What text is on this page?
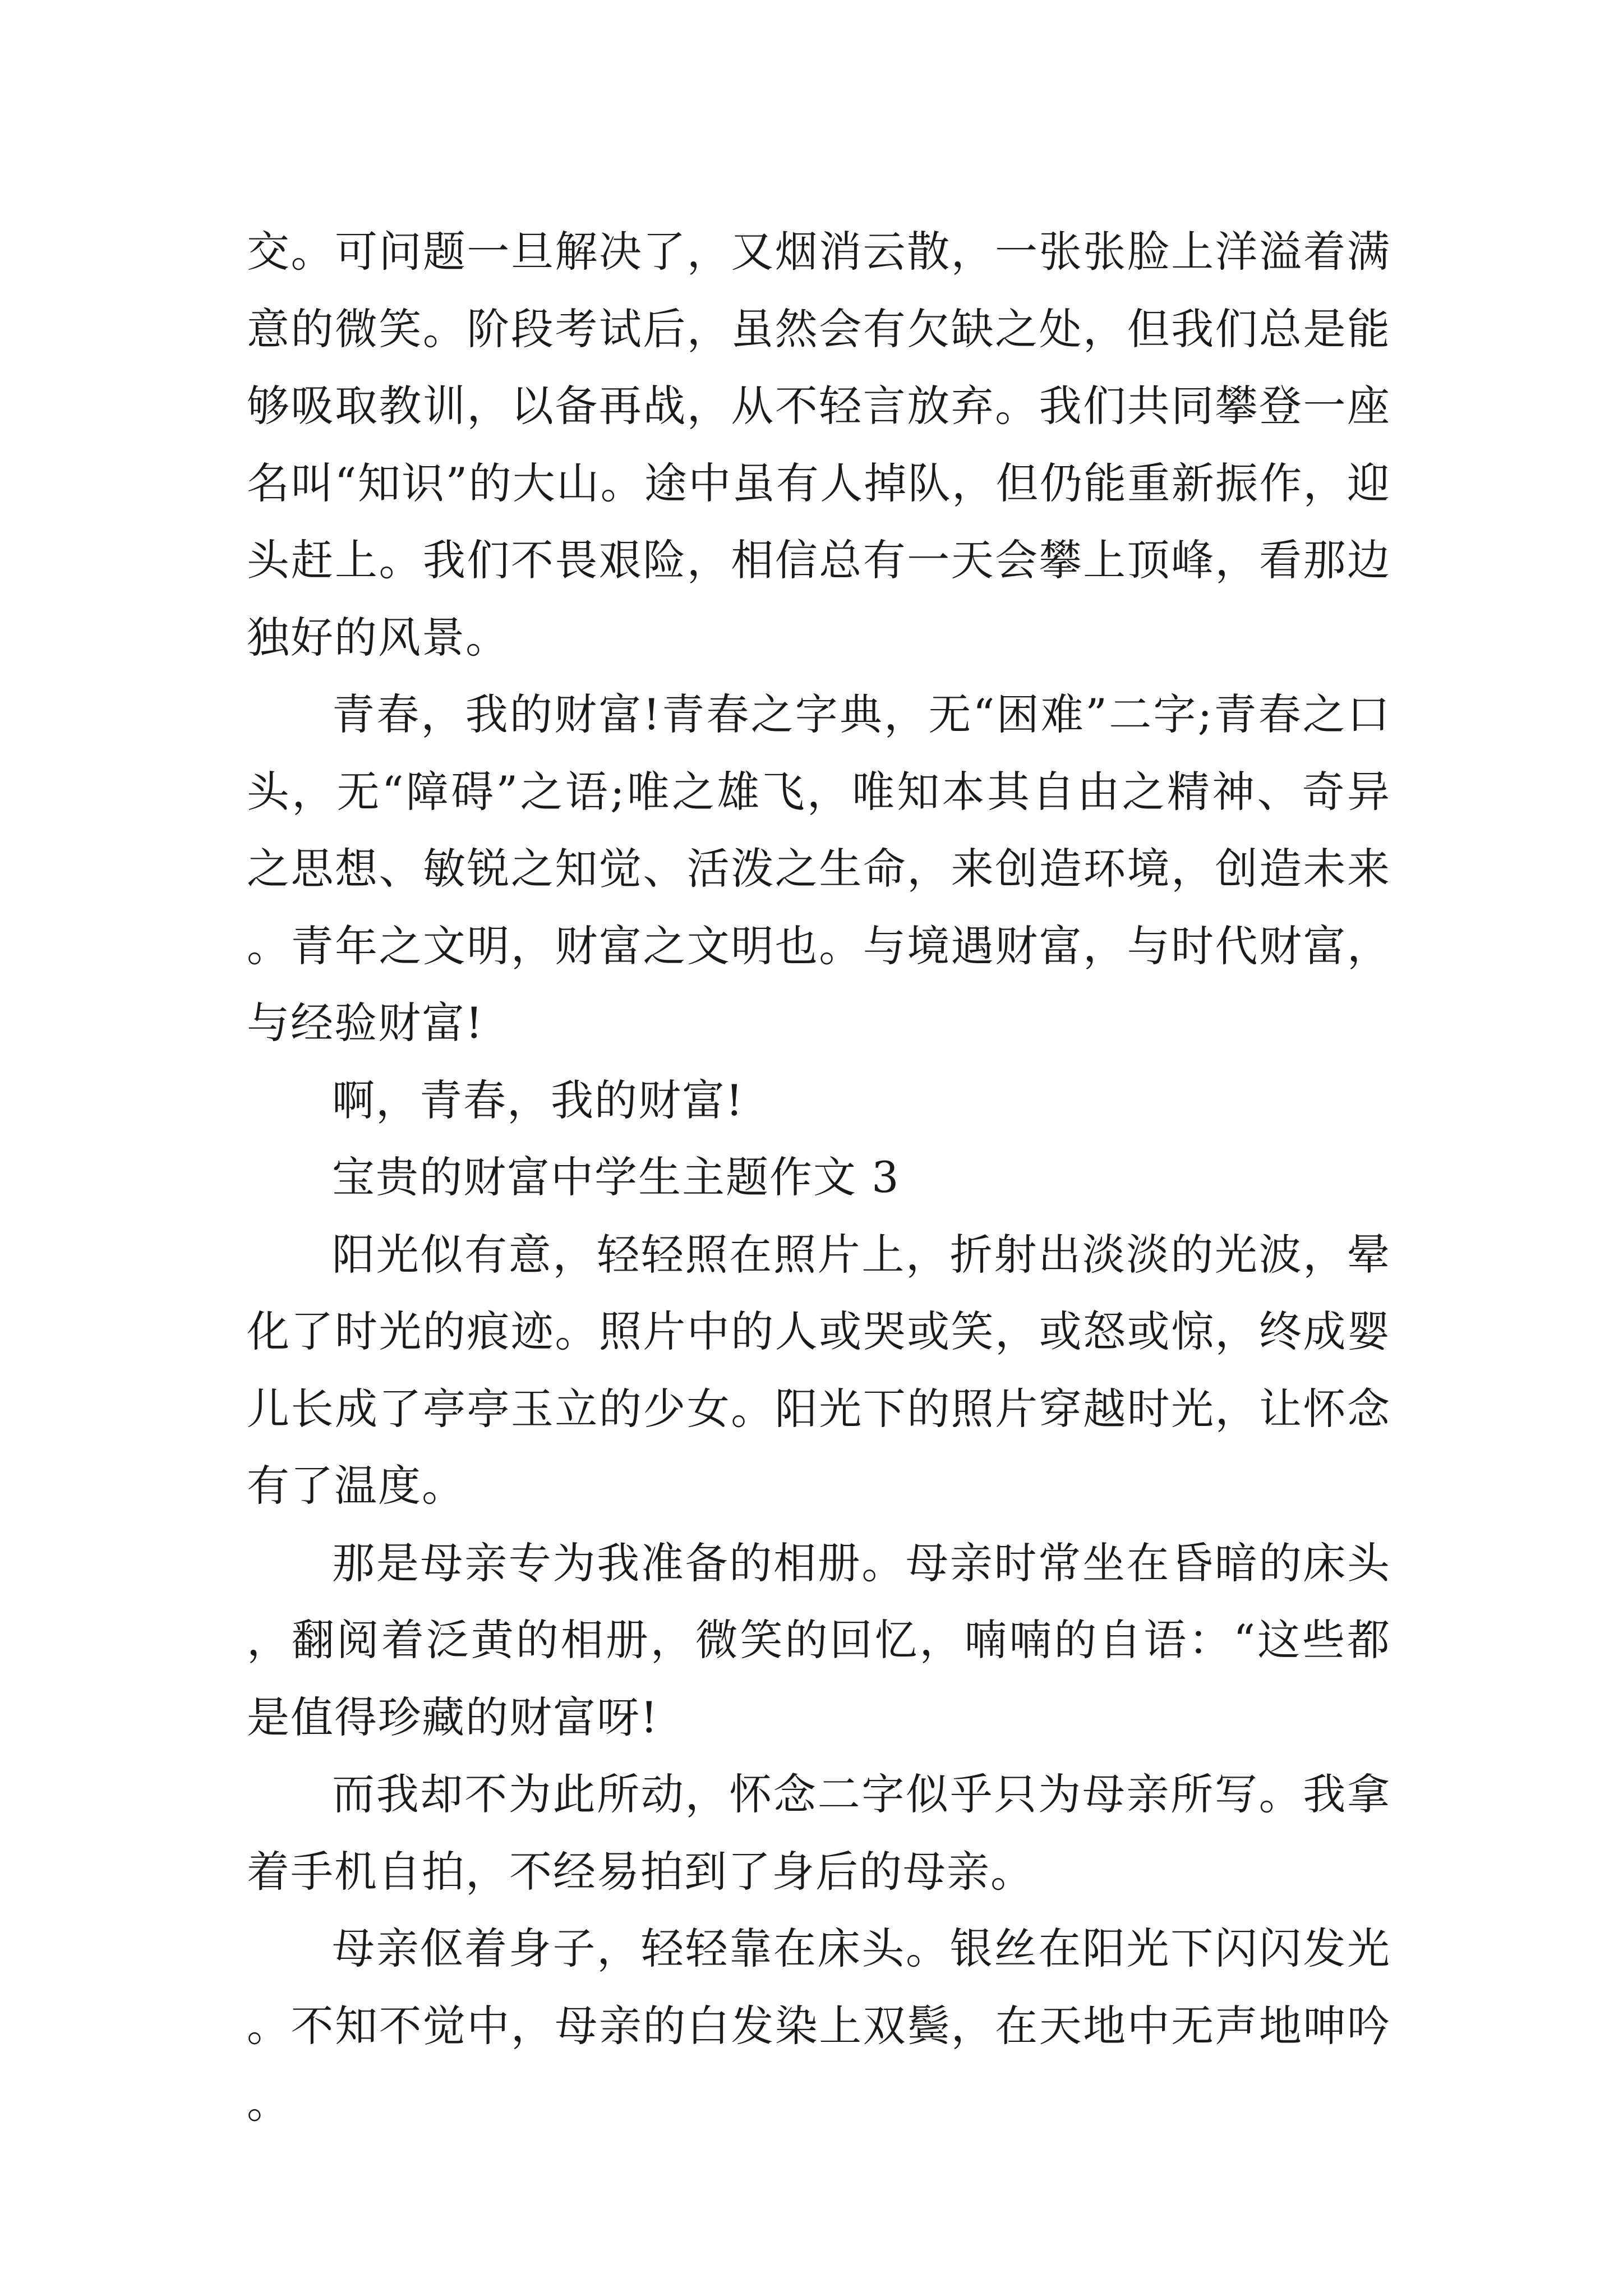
交。可问题一旦解决了，又烟消云散，一张张脸上洋溢着满意的微笑。阶段考试后，虽然会有欠缺之处，但我们总是能够吸取教训，以备再战，从不轻言放弃。我们共同攀登一座名叫“知识”的大山。途中虽有人掉队，但仍能重新振作，迎头赶上。我们不畏艰险，相信总有一天会攀上顶峰，看那边独好的风景。

青春，我的财富!青春之字典，无“困难”二字;青春之口头，无“障碍”之语;唯之雄飞，唯知本其自由之精神、奇异之思想、敏锐之知觉、活泼之生命，来创造环境，创造未来。青年之文明，财富之文明也。与境遇财富，与时代财富，与经验财富!

啊，青春，我的财富!

宝贵的财富中学生主题作文 3

阳光似有意，轻轻照在照片上，折射出淡淡的光波，晕化了时光的痕迹。照片中的人或哭或笑，或怒或惊，终成婴儿长成了亭亭玉立的少女。阳光下的照片穿越时光，让怀念有了温度。

那是母亲专为我准备的相册。母亲时常坐在昏暗的床头，翻阅着泛黄的相册，微笑的回忆，喃喃的自语：“这些都是值得珍藏的财富呀!

而我却不为此所动，怀念二字似乎只为母亲所写。我拿着手机自拍，不经易拍到了身后的母亲。

母亲伛着身子，轻轻靠在床头。银丝在阳光下闪闪发光。不知不觉中，母亲的白发染上双鬓，在天地中无声地呻吟。
